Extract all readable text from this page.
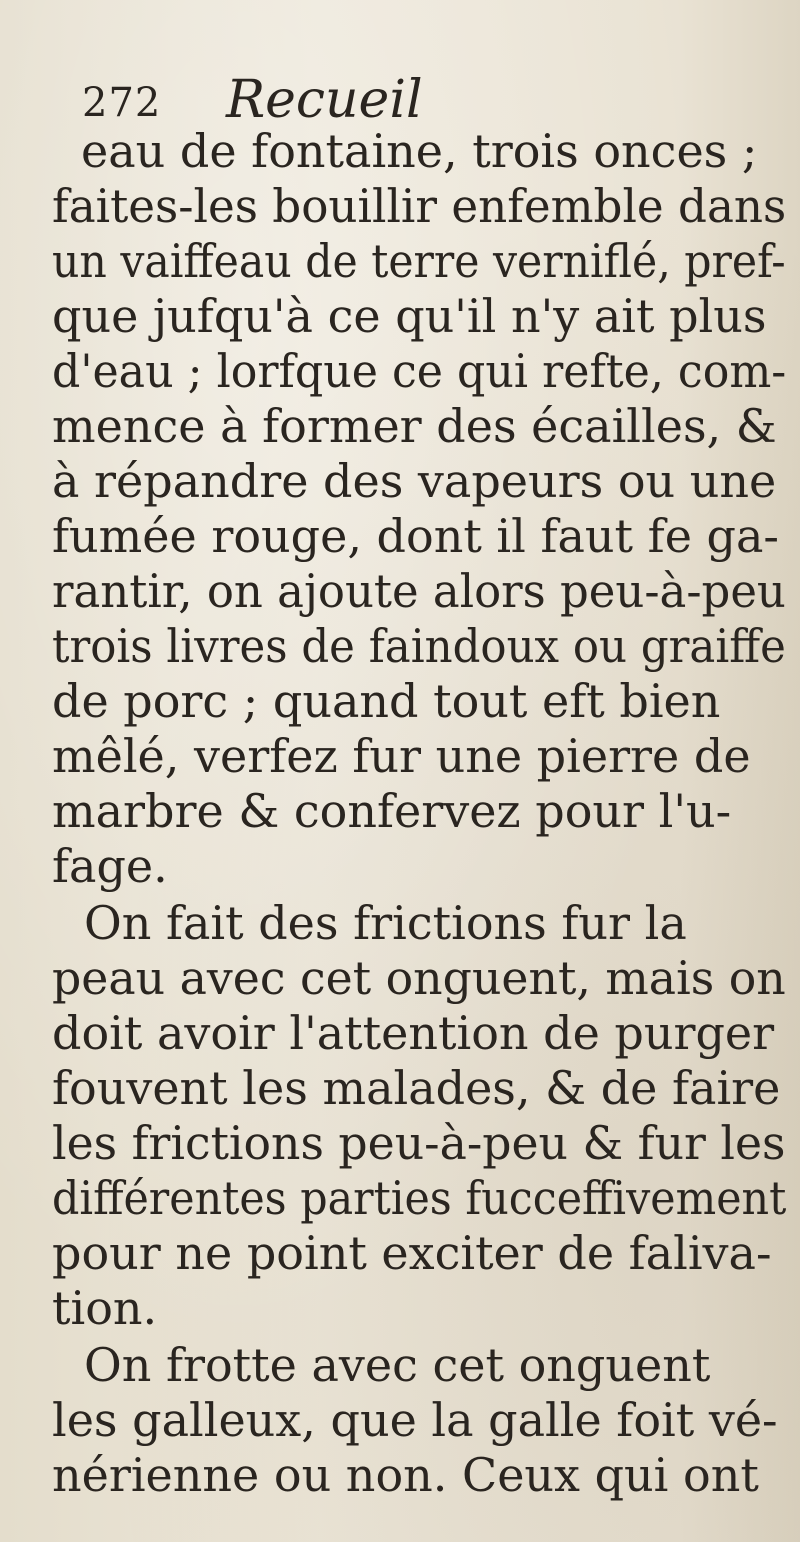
272 Recueil
eau de fontaine, trois onces ;
faites-les bouillir enfemble dans
un vaiffeau de terre verniflé, pref-
que jufqu'à ce qu'il n'y ait plus
d'eau ; lorfque ce qui refte, com-
mence à former des écailles, &
à répandre des vapeurs ou une
fumée rouge, dont il faut fe ga-
rantir, on ajoute alors peu-à-peu
trois livres de faindoux ou graiffe
de porc ; quand tout eft bien
mêlé, verfez fur une pierre de
marbre & confervez pour l'u-
fage.
On fait des frictions fur la
peau avec cet onguent, mais on
doit avoir l'attention de purger
fouvent les malades, & de faire
les frictions peu-à-peu & fur les
différentes parties fucceffivement
pour ne point exciter de faliva-
tion.
On frotte avec cet onguent
les galleux, que la galle foit vé-
nérienne ou non. Ceux qui ont
